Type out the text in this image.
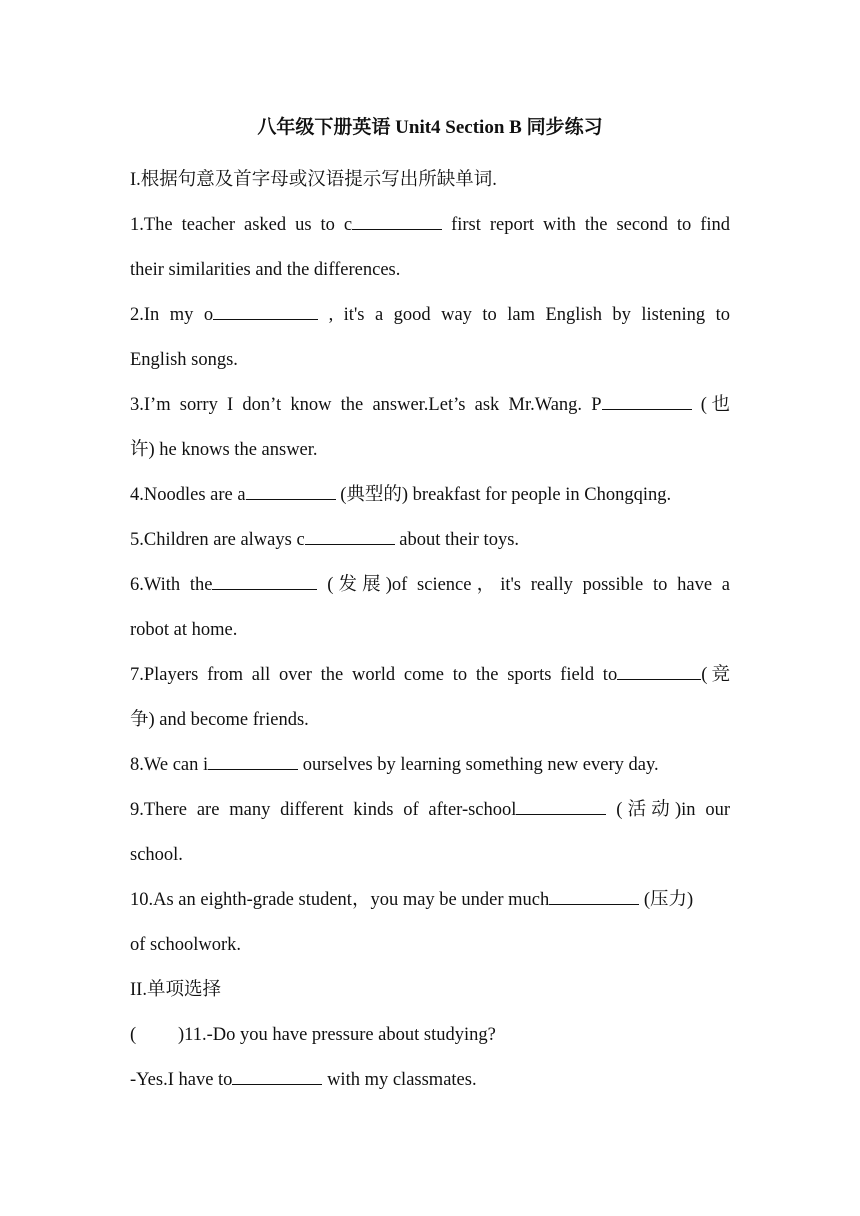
八年级下册英语 Unit4 Section B 同步练习
I.根据句意及首字母或汉语提示写出所缺单词.
1.The teacher asked us to c	first report with the second to find
their similarities and the differences.
2.In my o	, it's a good way to lam English by listening to
English songs.
3.I’m sorry I don’t know the answer.Let’s ask Mr.Wang. P	(也
许) he knows the answer.
4.Noodles are a	(典型的) breakfast for people in Chongqing.
5.Children are always c	about their toys.
6.With the	(发展)of science，it's really possible to have a
robot at home.
7.Players from all over the world come to the sports field to	(竞
争) and become friends.
8.We can i	ourselves by learning something new every day.
9.There are many different kinds of after-school	(活动)in our
school.
10.As an eighth-grade student，you may be under much	(压力)
of schoolwork.
II.单项选择
( )11.-Do you have pressure about studying?
-Yes.I have to	with my classmates.
